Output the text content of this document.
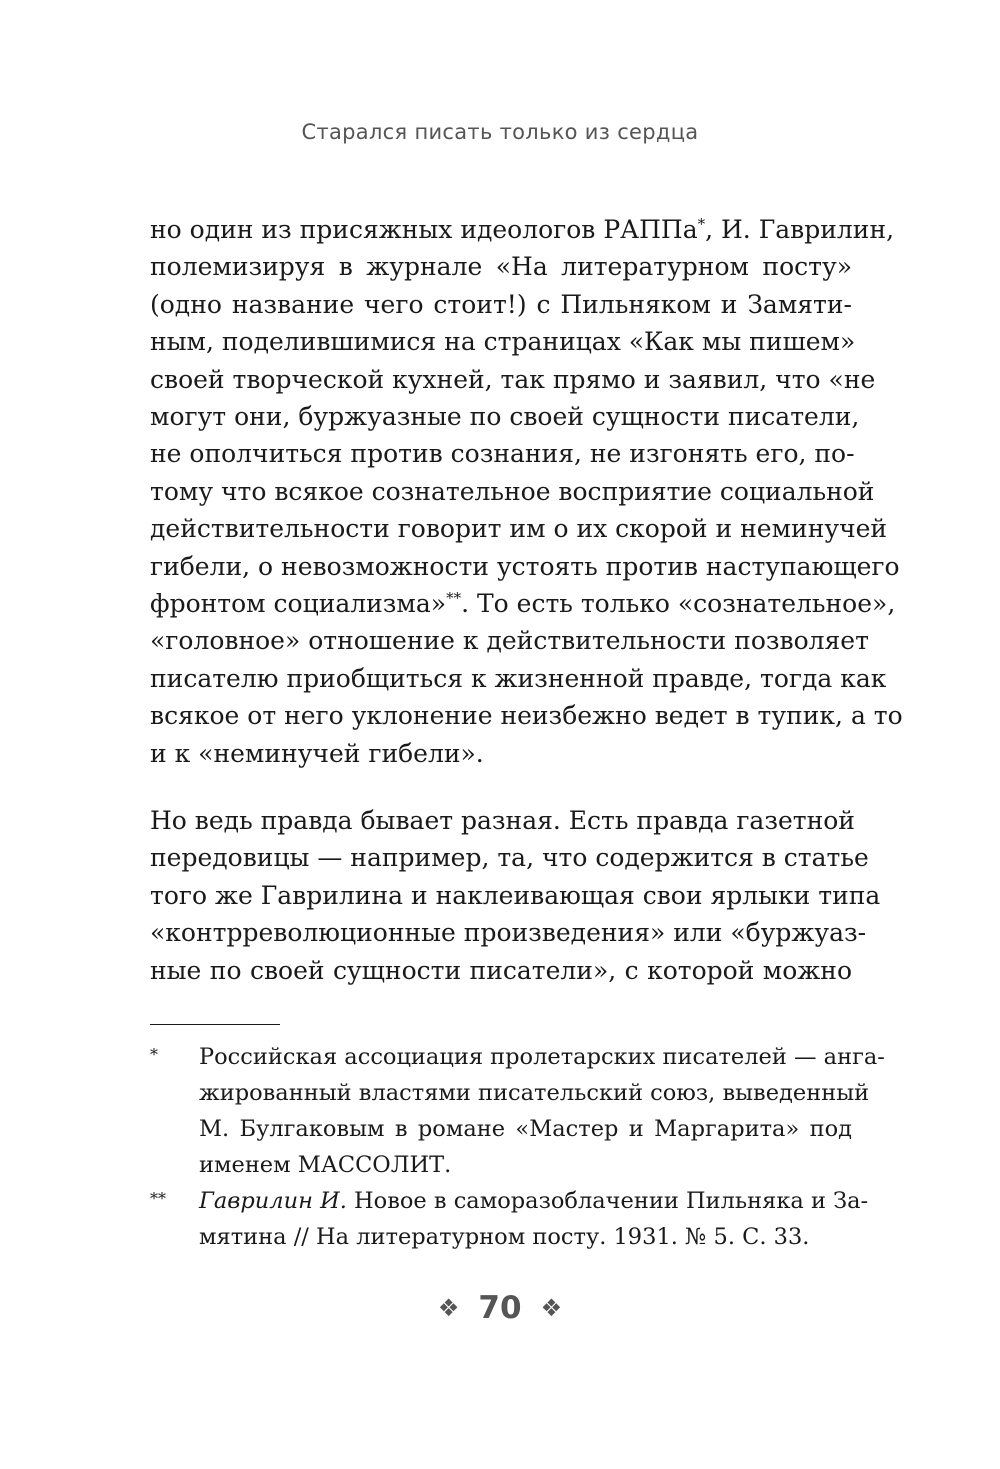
Старался писать только из сердца
но один из присяжных идеологов РАППа*, И. Гаврилин,
полемизируя в журнале «На литературном посту»
(одно название чего стоит!) с Пильняком и Замяти-
ным, поделившимися на страницах «Как мы пишем»
своей творческой кухней, так прямо и заявил, что «не
могут они, буржуазные по своей сущности писатели,
не ополчиться против сознания, не изгонять его, по-
тому что всякое сознательное восприятие социальной
действительности говорит им о их скорой и неминучей
гибели, о невозможности устоять против наступающего
фронтом социализма»**. То есть только «сознательное»,
«головное» отношение к действительности позволяет
писателю приобщиться к жизненной правде, тогда как
всякое от него уклонение неизбежно ведет в тупик, а то
и к «неминучей гибели».
Но ведь правда бывает разная. Есть правда газетной
передовицы — например, та, что содержится в статье
того же Гаврилина и наклеивающая свои ярлыки типа
«контрреволюционные произведения» или «буржуаз-
ные по своей сущности писатели», с которой можно
* Российская ассоциация пролетарских писателей — анга-
жированный властями писательский союз, выведенный
М. Булгаковым в романе «Мастер и Маргарита» под
именем МАССОЛИТ.
** Гаврилин И. Новое в саморазоблачении Пильняка и За-
мятина // На литературном посту. 1931. № 5. С. 33.
❖ 70 ❖
